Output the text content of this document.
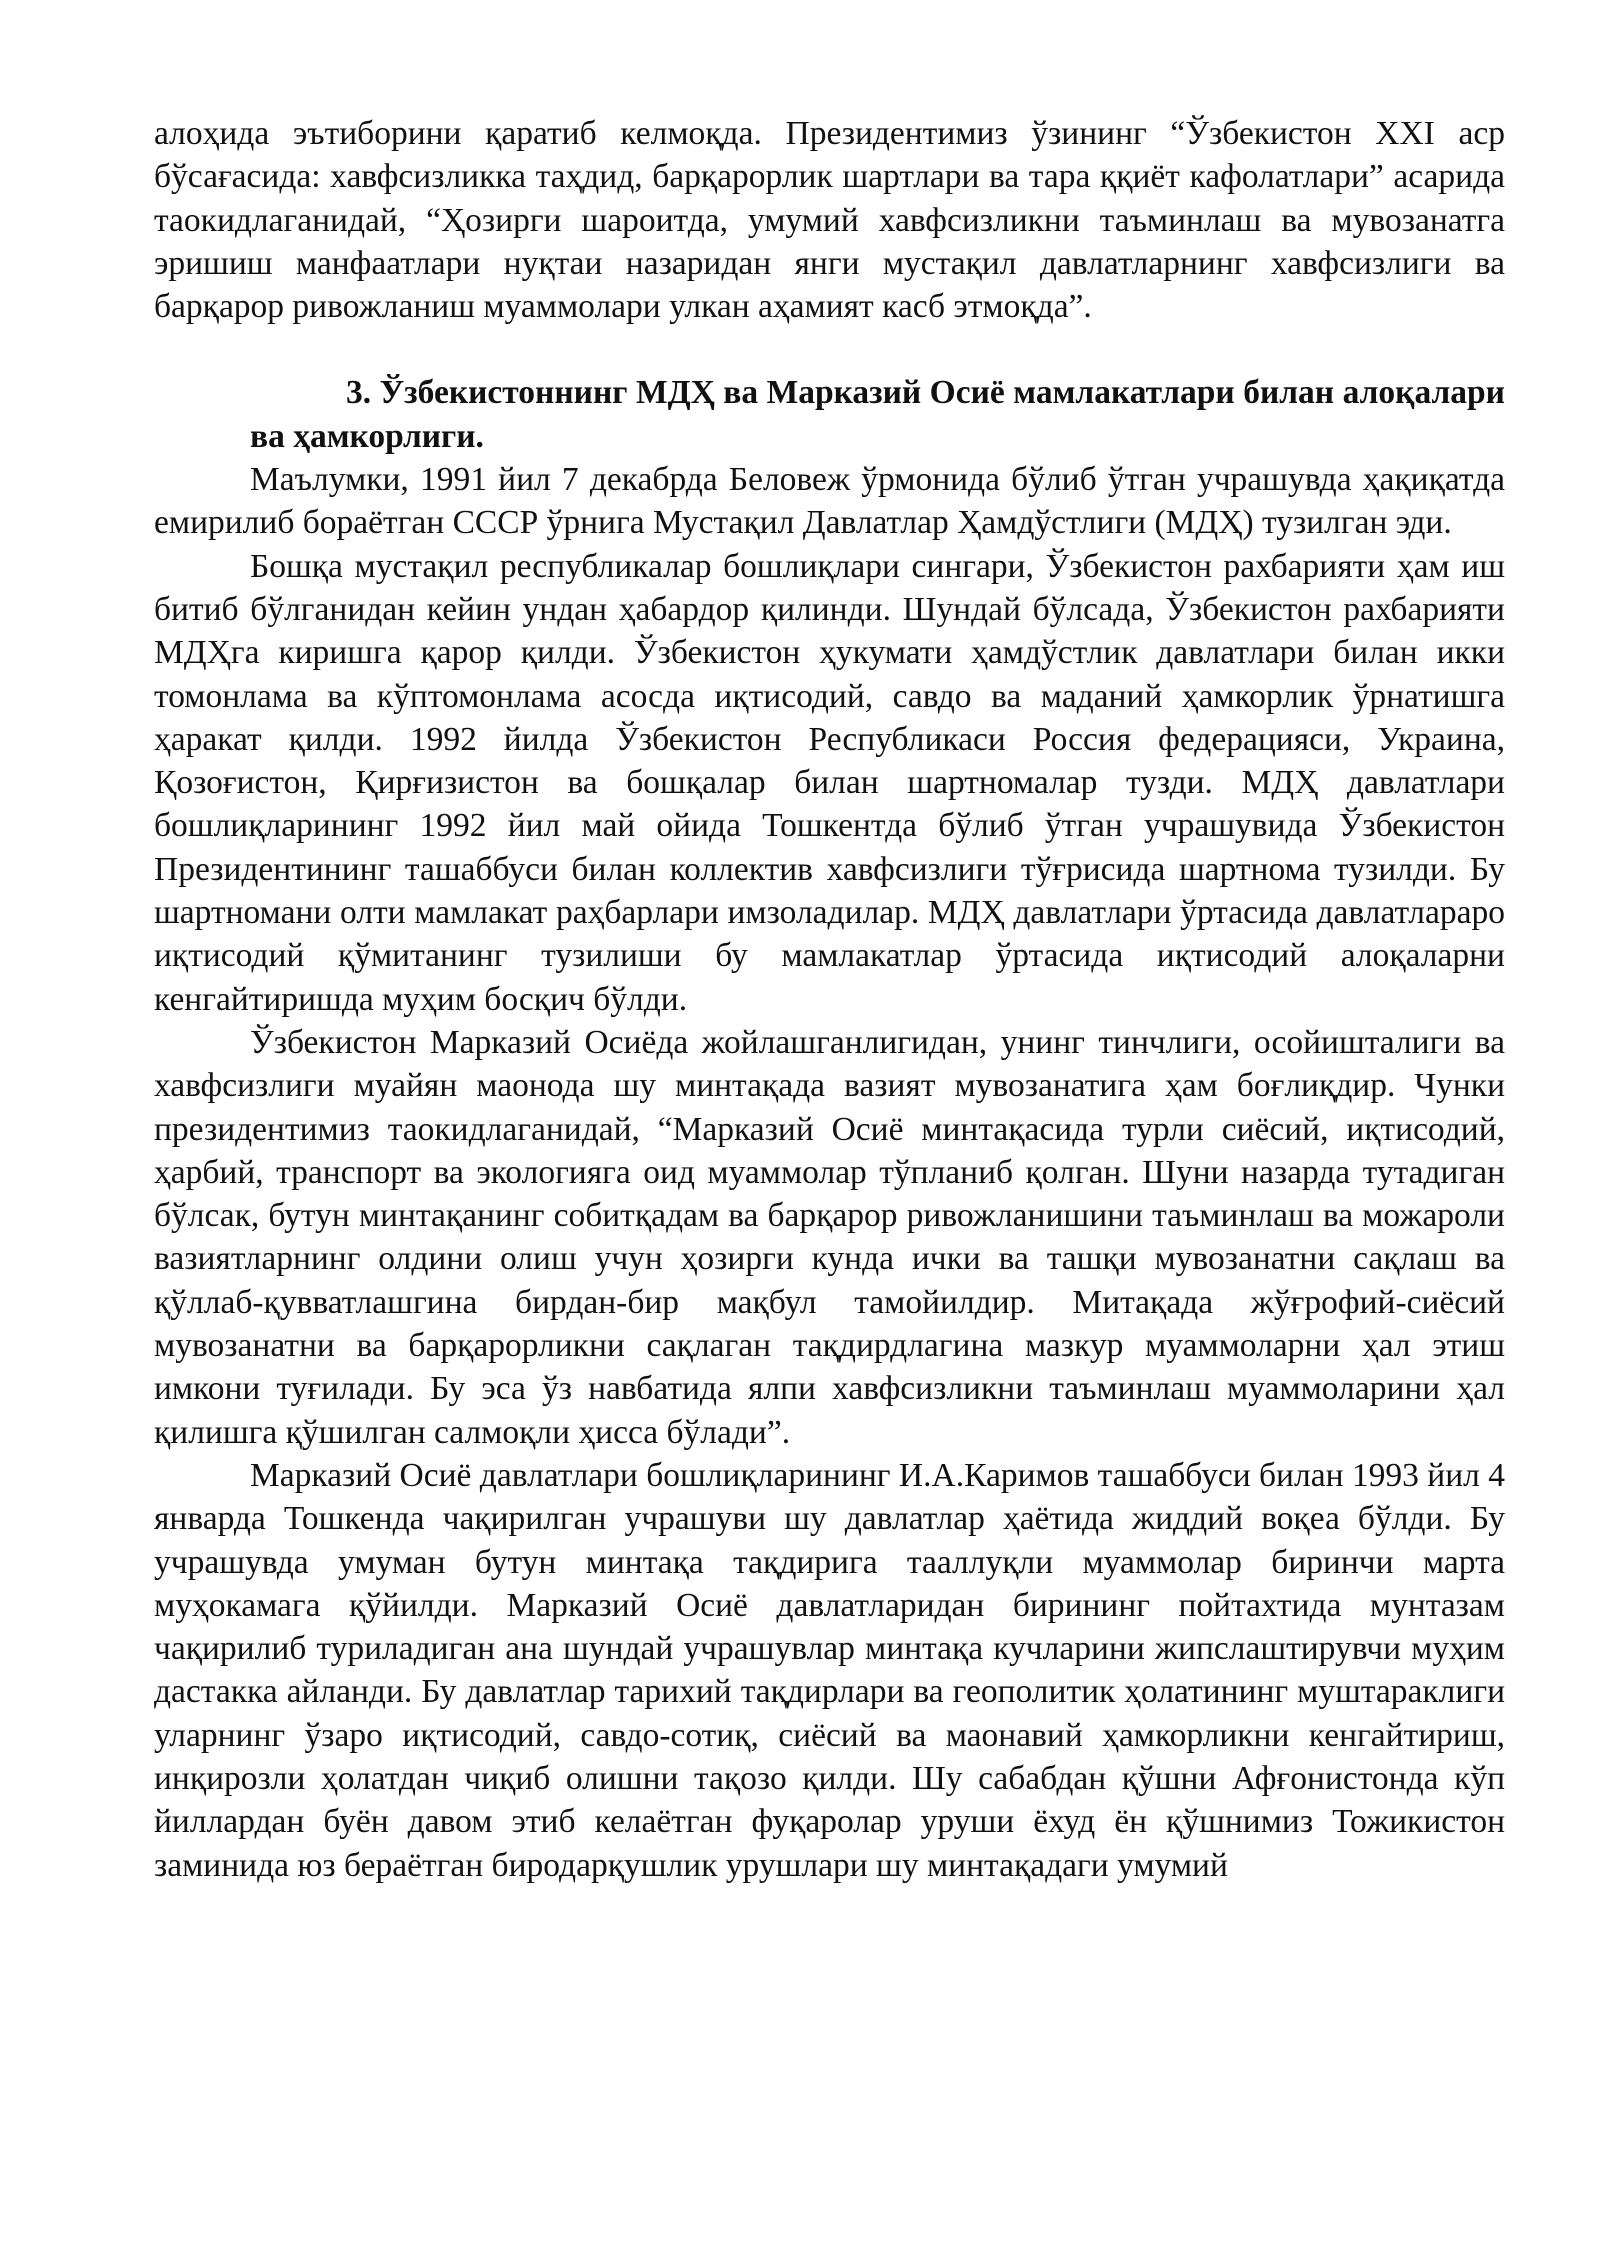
алоҳида эътиборини қаратиб келмоқда. Президентимиз ўзининг “Ўзбекистон XXI аср бўсағасида: хавфсизликка таҳдид, барқарорлик шартлари ва тара ққиёт кафолатлари” асарида таокидлаганидай, “Ҳозирги шароитда, умумий хавфсизликни таъминлаш ва мувозанатга эришиш манфаатлари нуқтаи назаридан янги мустақил давлатларнинг хавфсизлиги ва барқарор ривожланиш муаммолари улкан аҳамият касб этмоқда”.

3. Ўзбекистоннинг МДҲ ва Марказий Осиё мамлакатлари билан алоқалари ва ҳамкорлиги.

Маълумки, 1991 йил 7 декабрда Беловеж ўрмонида бўлиб ўтган учрашувда ҳақиқатда емирилиб бораётган СССР ўрнига Мустақил Давлатлар Ҳамдўстлиги (МДҲ) тузилган эди.

Бошқа мустақил республикалар бошлиқлари сингари, Ўзбекистон рахбарияти ҳам иш битиб бўлганидан кейин ундан ҳабардор қилинди. Шундай бўлсада, Ўзбекистон рахбарияти МДҲга киришга қарор қилди. Ўзбекистон ҳукумати ҳамдўстлик давлатлари билан икки томонлама ва кўптомонлама асосда иқтисодий, савдо ва маданий ҳамкорлик ўрнатишга ҳаракат қилди. 1992 йилда Ўзбекистон Республикаси Россия федерацияси, Украина, Қозоғистон, Қирғизистон ва бошқалар билан шартномалар тузди. МДҲ давлатлари бошлиқларининг 1992 йил май ойида Тошкентда бўлиб ўтган учрашувида Ўзбекистон Президентининг ташаббуси билан коллектив хавфсизлиги тўғрисида шартнома тузилди. Бу шартномани олти мамлакат раҳбарлари имзоладилар. МДҲ давлатлари ўртасида давлатлараро иқтисодий қўмитанинг тузилиши бу мамлакатлар ўртасида иқтисодий алоқаларни кенгайтиришда муҳим босқич бўлди.

Ўзбекистон Марказий Осиёда жойлашганлигидан, унинг тинчлиги, осойишталиги ва хавфсизлиги муайян маонода шу минтақада вазият мувозанатига ҳам боғлиқдир. Чунки президентимиз таокидлаганидай, “Марказий Осиё минтақасида турли сиёсий, иқтисодий, ҳарбий, транспорт ва экологияга оид муаммолар тўпланиб қолган. Шуни назарда тутадиган бўлсак, бутун минтақанинг собитқадам ва барқарор ривожланишини таъминлаш ва можароли вазиятларнинг олдини олиш учун ҳозирги кунда ички ва ташқи мувозанатни сақлаш ва қўллаб-қувватлашгина бирдан-бир мақбул тамойилдир. Митақада жўғрофий-сиёсий мувозанатни ва барқарорликни сақлаган тақдирдлагина мазкур муаммоларни ҳал этиш имкони туғилади. Бу эса ўз навбатида ялпи хавфсизликни таъминлаш муаммоларини ҳал қилишга қўшилган салмоқли ҳисса бўлади”.

Марказий Осиё давлатлари бошлиқларининг И.А.Каримов ташаббуси билан 1993 йил 4 январда Тошкенда чақирилган учрашуви шу давлатлар ҳаётида жиддий воқеа бўлди. Бу учрашувда умуман бутун минтақа тақдирига тааллуқли муаммолар биринчи марта муҳокамага қўйилди. Марказий Осиё давлатларидан бирининг пойтахтида мунтазам чақирилиб туриладиган ана шундай учрашувлар минтақа кучларини жипслаштирувчи муҳим дастакка айланди. Бу давлатлар тарихий тақдирлари ва геополитик ҳолатининг муштараклиги уларнинг ўзаро иқтисодий, савдо-сотиқ, сиёсий ва маонавий ҳамкорликни кенгайтириш, инқирозли ҳолатдан чиқиб олишни тақозо қилди. Шу сабабдан қўшни Афғонистонда кўп йиллардан буён давом этиб келаётган фуқаролар уруши ёхуд ён қўшнимиз Тожикистон заминида юз бераётган биродарқушлик урушлари шу минтақадаги умумий
